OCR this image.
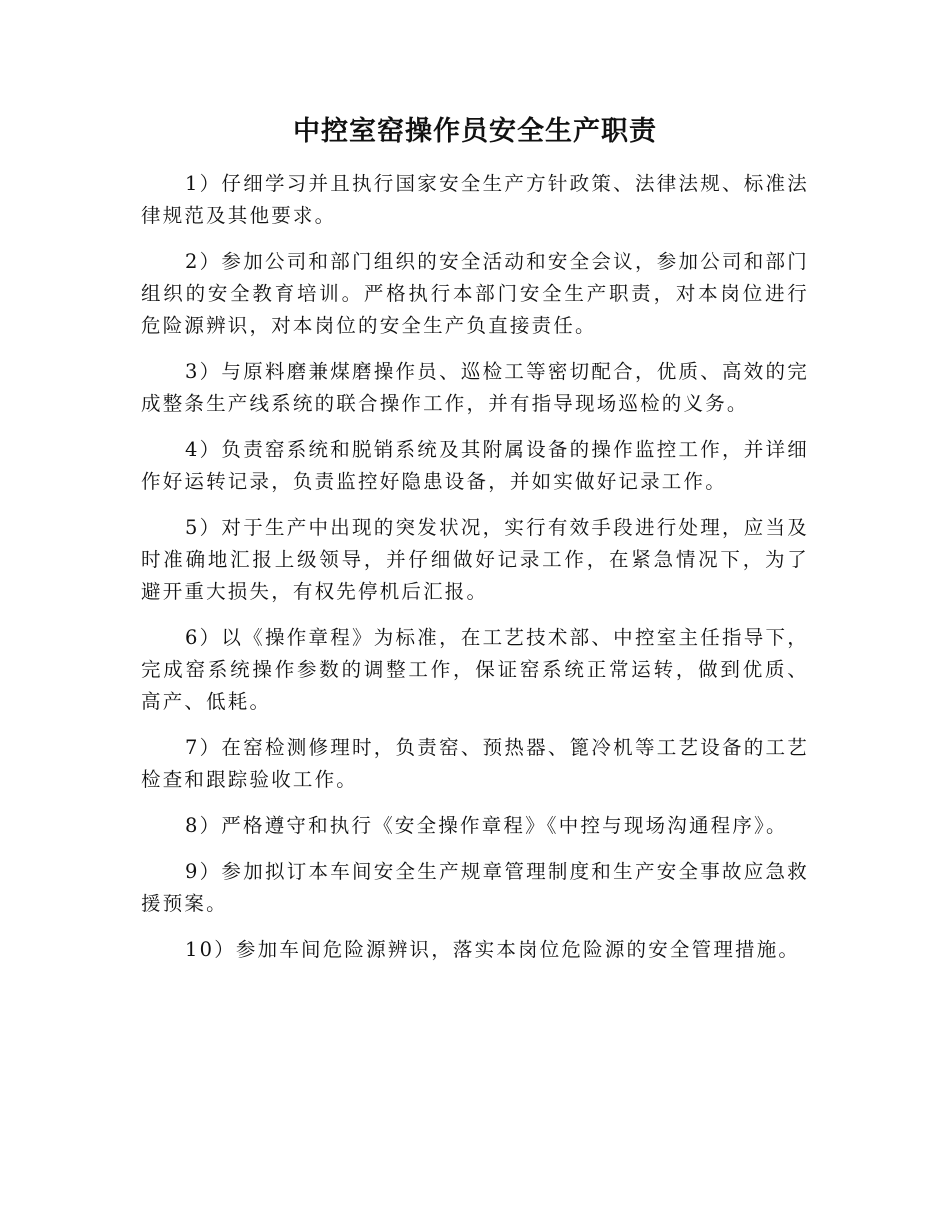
中控室窑操作员安全生产职责

1）仔细学习并且执行国家安全生产方针政策、法律法规、标准法律规范及其他要求。

2）参加公司和部门组织的安全活动和安全会议，参加公司和部门组织的安全教育培训。严格执行本部门安全生产职责，对本岗位进行危险源辨识，对本岗位的安全生产负直接责任。

3）与原料磨兼煤磨操作员、巡检工等密切配合，优质、高效的完成整条生产线系统的联合操作工作，并有指导现场巡检的义务。

4）负责窑系统和脱销系统及其附属设备的操作监控工作，并详细作好运转记录，负责监控好隐患设备，并如实做好记录工作。

5）对于生产中出现的突发状况，实行有效手段进行处理，应当及时准确地汇报上级领导，并仔细做好记录工作，在紧急情况下，为了避开重大损失，有权先停机后汇报。

6）以《操作章程》为标准，在工艺技术部、中控室主任指导下，完成窑系统操作参数的调整工作，保证窑系统正常运转，做到优质、高产、低耗。

7）在窑检测修理时，负责窑、预热器、篦冷机等工艺设备的工艺检查和跟踪验收工作。

8）严格遵守和执行《安全操作章程》《中控与现场沟通程序》。

9）参加拟订本车间安全生产规章管理制度和生产安全事故应急救援预案。

10）参加车间危险源辨识，落实本岗位危险源的安全管理措施。
